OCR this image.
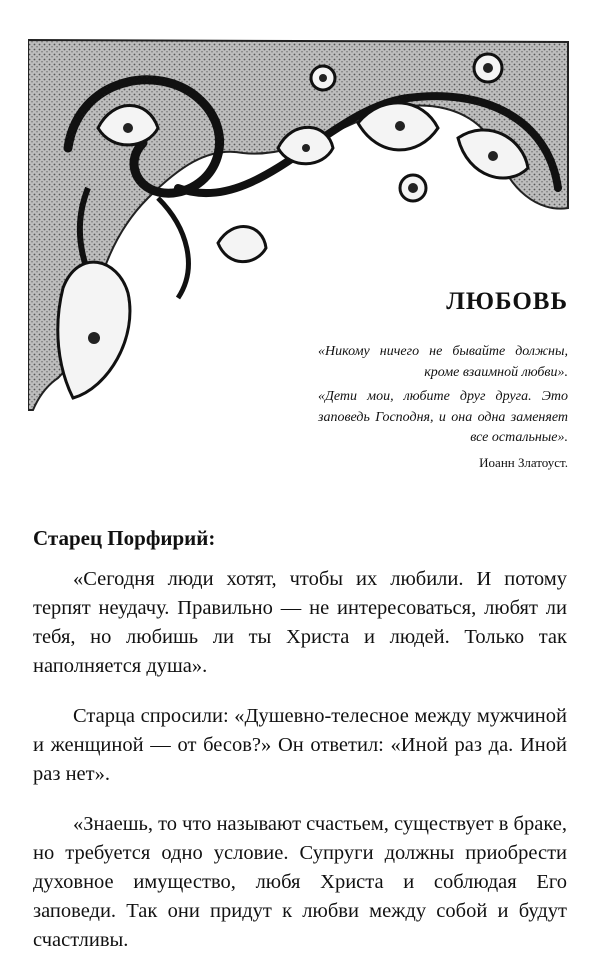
ЛЮБОВЬ

«Никому ничего не бывайте должны, кроме взаимной любви».

«Дети мои, любите друг друга. Это заповедь Господня, и она одна заменяет все остальные».

Иоанн Златоуст.
Старец Порфирий:

«Сегодня люди хотят, чтобы их любили. И потому терпят неудачу. Правильно — не интересоваться, любят ли тебя, но любишь ли ты Христа и людей. Только так наполняется душа».

Старца спросили: «Душевно-телесное между мужчиной и женщиной — от бесов?» Он ответил: «Иной раз да. Иной раз нет».

«Знаешь, то что называют счастьем, существует в браке, но требуется одно условие. Супруги должны приобрести духовное имущество, любя Христа и соблюдая Его заповеди. Так они придут к любви между собой и будут счастливы.
